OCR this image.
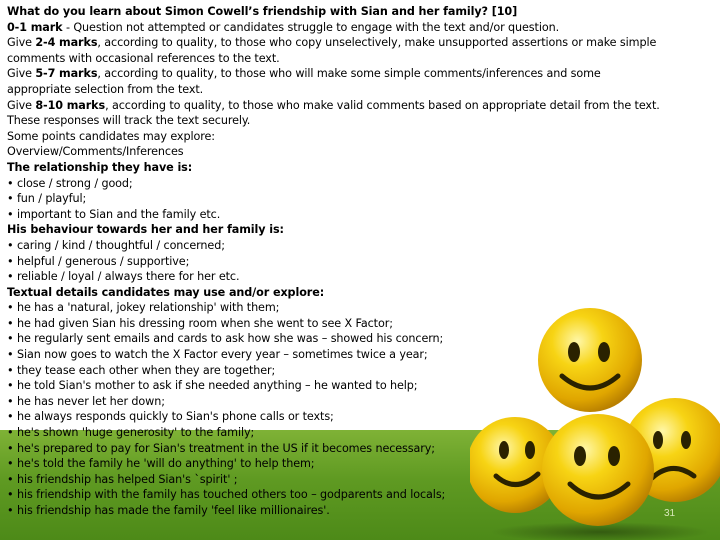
What do you learn about Simon Cowell’s friendship with Sian and her family? [10]

0-1 mark - Question not attempted or candidates struggle to engage with the text and/or question.

Give 2-4 marks, according to quality, to those who copy unselectively, make unsupported assertions or make simple

comments with occasional references to the text.

Give 5-7 marks, according to quality, to those who will make some simple comments/inferences and some

appropriate selection from the text.

Give 8-10 marks, according to quality, to those who make valid comments based on appropriate detail from the text.

These responses will track the text securely.

Some points candidates may explore:

Overview/Comments/Inferences

The relationship they have is:

• close / strong / good;

• fun / playful;

• important to Sian and the family etc.

His behaviour towards her and her family is:

• caring / kind / thoughtful / concerned;

• helpful / generous / supportive;

• reliable / loyal / always there for her etc.

Textual details candidates may use and/or explore:

• he has a 'natural, jokey relationship' with them;

• he had given Sian his dressing room when she went to see X Factor;

• he regularly sent emails and cards to ask how she was – showed his concern;

• Sian now goes to watch the X Factor every year – sometimes twice a year;

• they tease each other when they are together;

• he told Sian's mother to ask if she needed anything – he wanted to help;

• he has never let her down;

• he always responds quickly to Sian's phone calls or texts;

• he's shown 'huge generosity' to the family;

• he's prepared to pay for Sian's treatment in the US if it becomes necessary;

• he's told the family he 'will do anything' to help them;

• his friendship has helped Sian's `spirit' ;

• his friendship with the family has touched others too – godparents and locals;

• his friendship has made the family 'feel like millionaires'.	31
